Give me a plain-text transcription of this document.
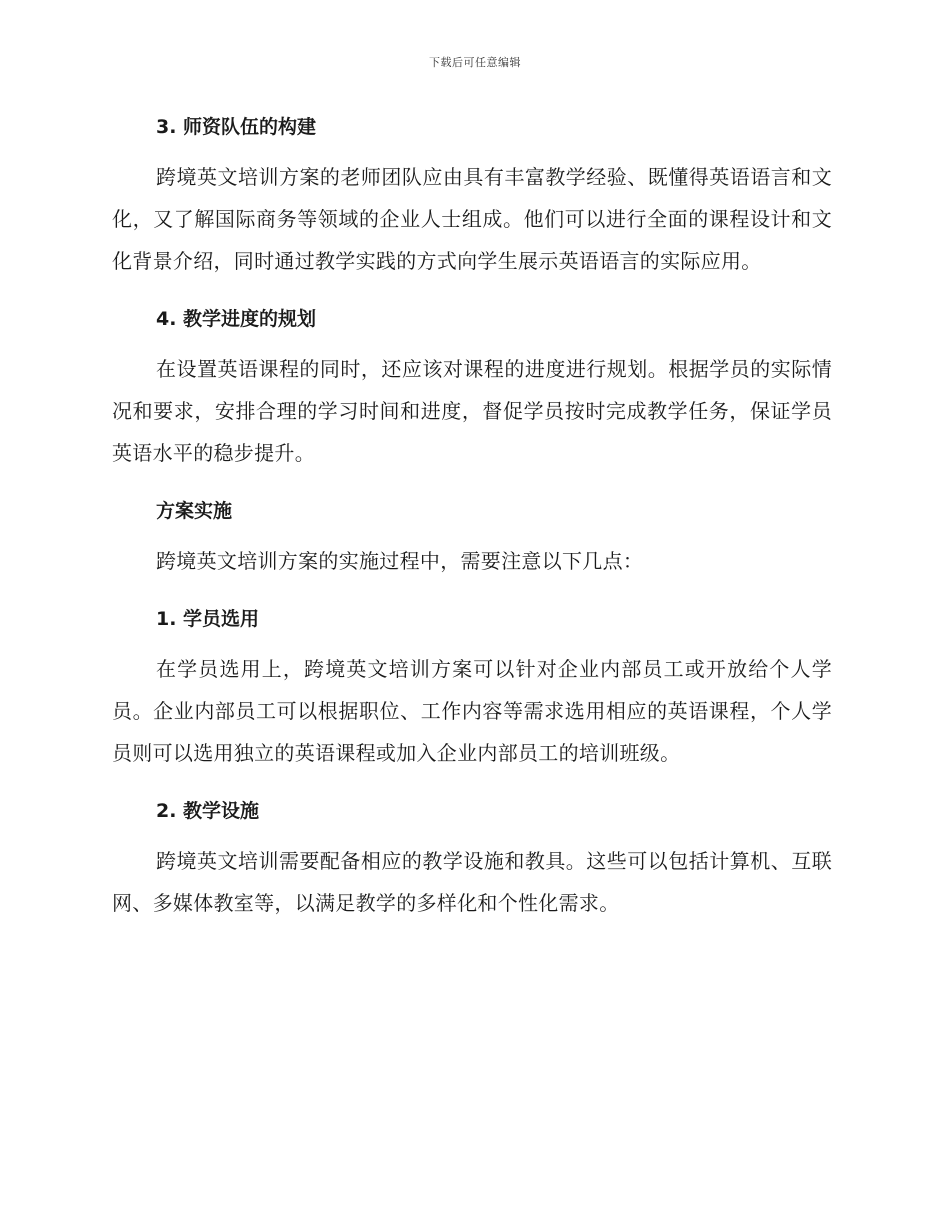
下载后可任意编辑
3. 师资队伍的构建

跨境英文培训方案的老师团队应由具有丰富教学经验、既懂得英语语言和文化，又了解国际商务等领域的企业人士组成。他们可以进行全面的课程设计和文化背景介绍，同时通过教学实践的方式向学生展示英语语言的实际应用。

4. 教学进度的规划

在设置英语课程的同时，还应该对课程的进度进行规划。根据学员的实际情况和要求，安排合理的学习时间和进度，督促学员按时完成教学任务，保证学员英语水平的稳步提升。

方案实施

跨境英文培训方案的实施过程中，需要注意以下几点：

1. 学员选用

在学员选用上，跨境英文培训方案可以针对企业内部员工或开放给个人学员。企业内部员工可以根据职位、工作内容等需求选用相应的英语课程，个人学员则可以选用独立的英语课程或加入企业内部员工的培训班级。

2. 教学设施

跨境英文培训需要配备相应的教学设施和教具。这些可以包括计算机、互联网、多媒体教室等，以满足教学的多样化和个性化需求。
